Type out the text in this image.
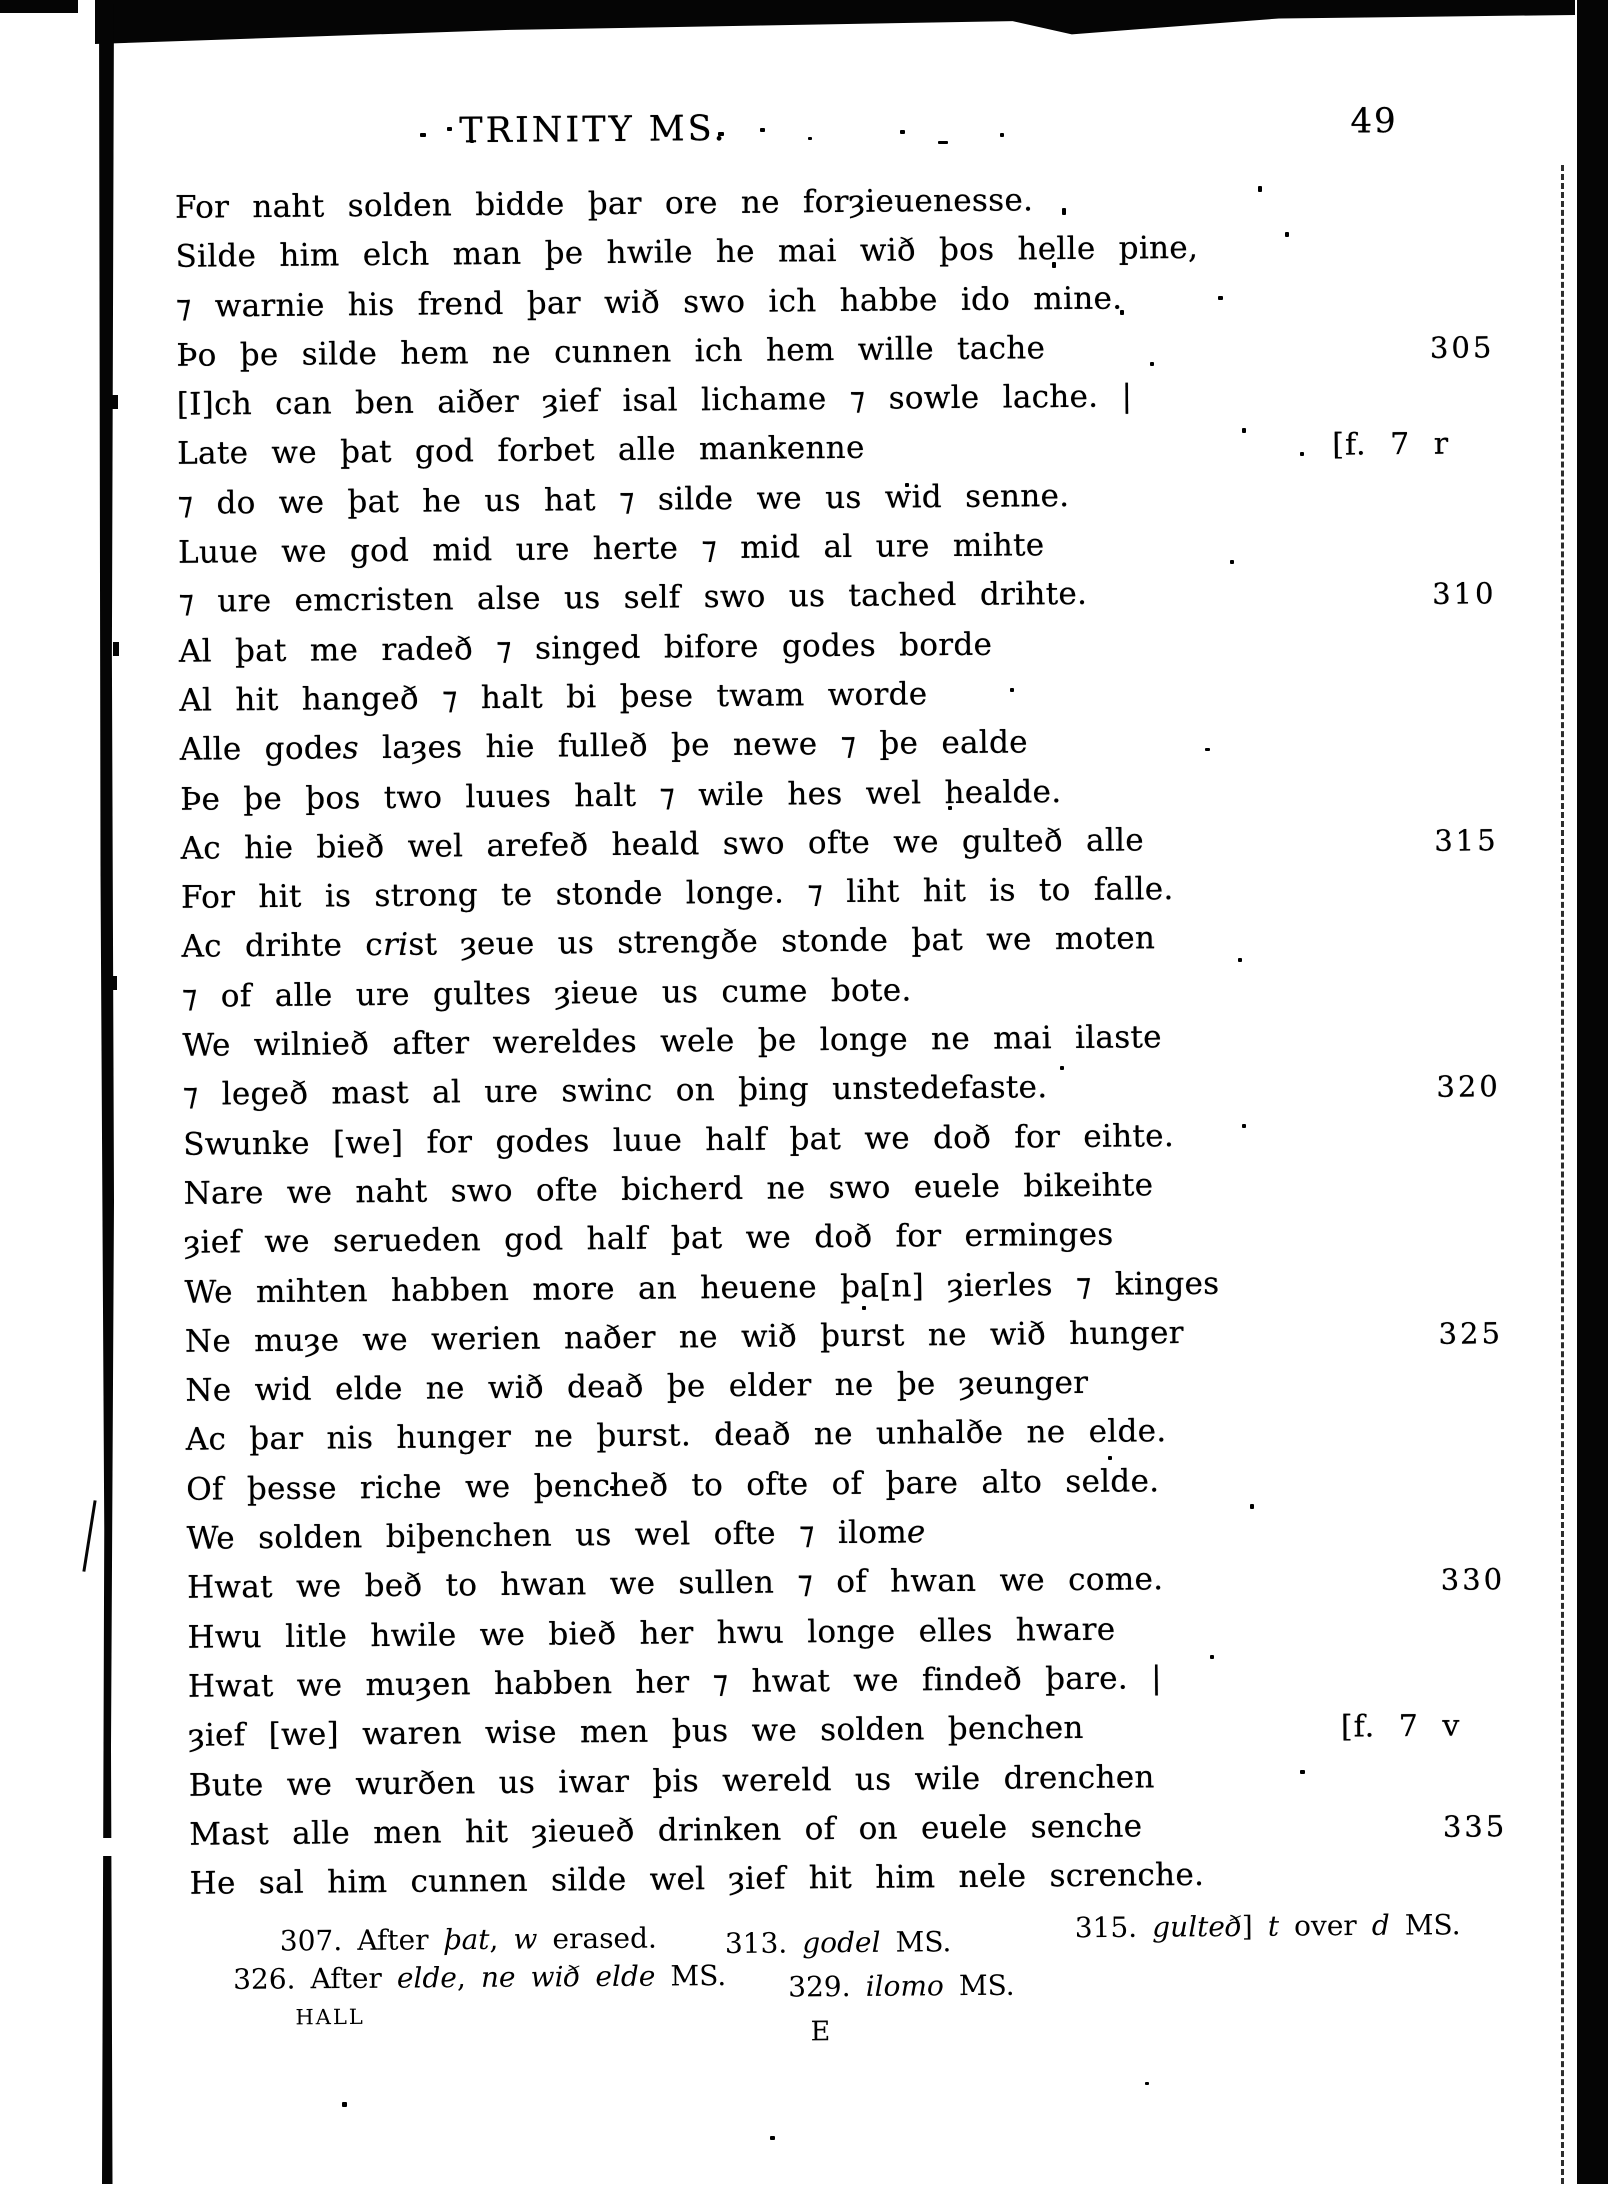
TRINITY MS.	49
For naht solden bidde þar ore ne forȝieuenesse.
Silde him elch man þe hwile he mai wið þos helle pine,
⁊ warnie his frend þar wið swo ich habbe ido mine.
Þo þe silde hem ne cunnen ich hem wille tache	305
[I]ch can ben aiðer ȝief isal lichame ⁊ sowle lache. |
Late we þat god forbet alle mankenne	[f. 7 r
⁊ do we þat he us hat ⁊ silde we us wid senne.
Luue we god mid ure herte ⁊ mid al ure mihte
⁊ ure emcristen alse us self swo us tached drihte.	310
Al þat me radeð ⁊ singed bifore godes borde
Al hit hangeð ⁊ halt bi þese twam worde
Alle godes laȝes hie fulleð þe newe ⁊ þe ealde
Þe þe þos two luues halt ⁊ wile hes wel healde.
Ac hie bieð wel arefeð heald swo ofte we gulteð alle	315
For hit is strong te stonde longe. ⁊ liht hit is to falle.
Ac drihte crist ȝeue us strengðe stonde þat we moten
⁊ of alle ure gultes ȝieue us cume bote.
We wilnieð after wereldes wele þe longe ne mai ilaste
⁊ legeð mast al ure swinc on þing unstedefaste.	320
Swunke [we] for godes luue half þat we doð for eihte.
Nare we naht swo ofte bicherd ne swo euele bikeihte
ȝief we serueden god half þat we doð for erminges
We mihten habben more an heuene þa[n] ȝierles ⁊ kinges
Ne muȝe we werien naðer ne wið þurst ne wið hunger	325
Ne wid elde ne wið deað þe elder ne þe ȝeunger
Ac þar nis hunger ne þurst. deað ne unhalðe ne elde.
Of þesse riche we þencheð to ofte of þare alto selde.
We solden biþenchen us wel ofte ⁊ ilome
Hwat we beð to hwan we sullen ⁊ of hwan we come.	330
Hwu litle hwile we bieð her hwu longe elles hware
Hwat we muȝen habben her ⁊ hwat we findeð þare. |
ȝief [we] waren wise men þus we solden þenchen	[f. 7 v
Bute we wurðen us iwar þis wereld us wile drenchen
Mast alle men hit ȝieueð drinken of on euele senche	335
He sal him cunnen silde wel ȝief hit him nele screnche.
307. After þat, w erased. 313. godel MS.	315. gulteð] t over d MS.
326. After elde, ne wið elde MS. 329. ilomo MS.
HALL	E
